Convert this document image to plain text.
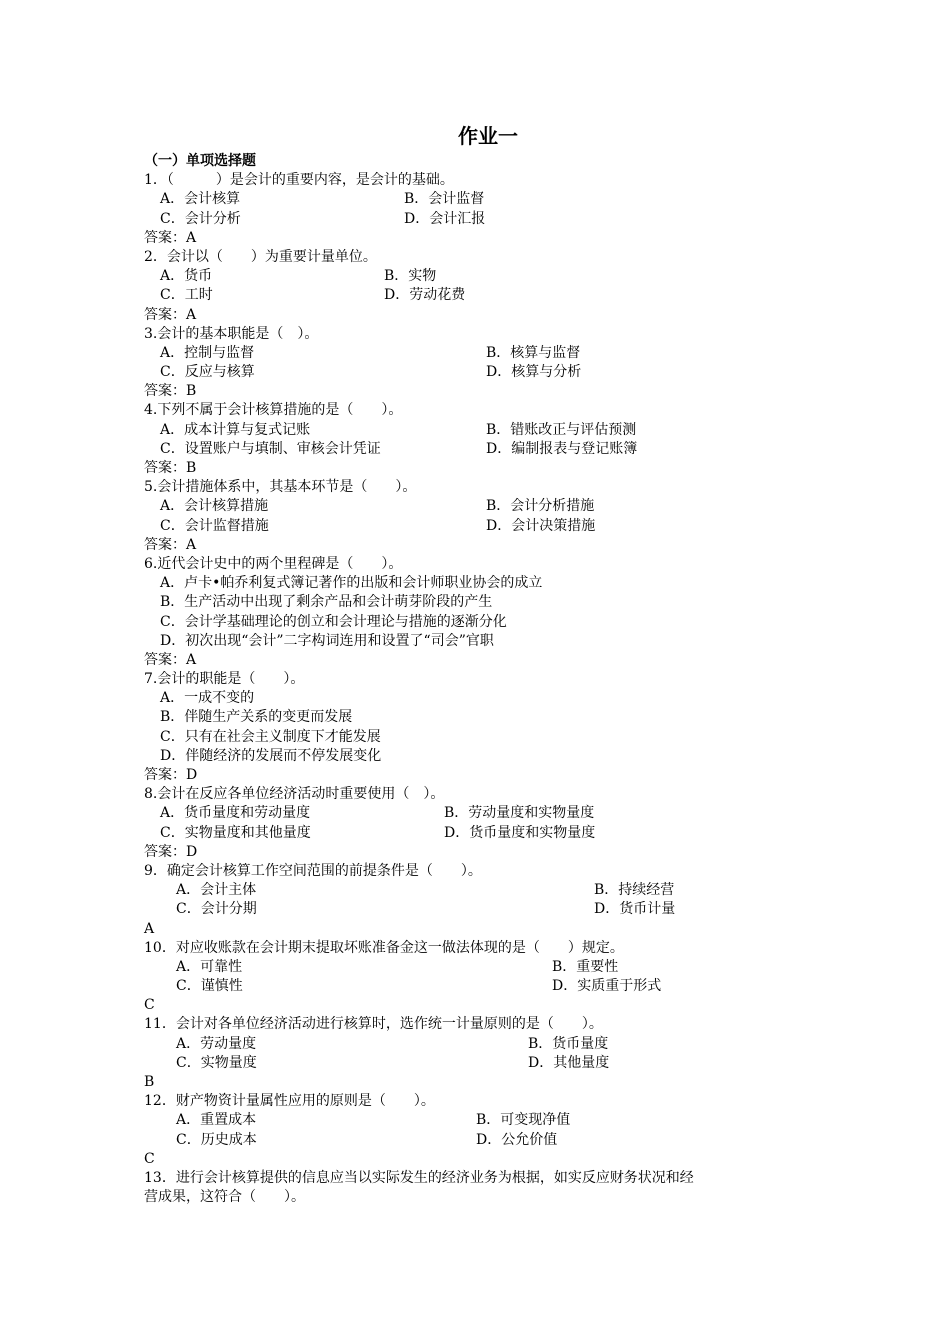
作业一
（一）单项选择题
1．（　　　）是会计的重要内容，是会计的基础。
A．会计核算	B．会计监督
C．会计分析	D．会计汇报
答案：A
2．会计以（　　）为重要计量单位。
A．货币	B．实物
C．工时	D．劳动花费
答案：A
3.会计的基本职能是（　）。
A．控制与监督	B．核算与监督
C．反应与核算	D．核算与分析
答案：B
4.下列不属于会计核算措施的是（　　）。
A．成本计算与复式记账	B．错账改正与评估预测
C．设置账户与填制、审核会计凭证	D．编制报表与登记账簿
答案：B
5.会计措施体系中，其基本环节是（　　）。
A．会计核算措施	B．会计分析措施
C．会计监督措施	D．会计决策措施
答案：A
6.近代会计史中的两个里程碑是（　　）。
A．卢卡•帕乔利复式簿记著作的出版和会计师职业协会的成立
B．生产活动中出现了剩余产品和会计萌芽阶段的产生
C．会计学基础理论的创立和会计理论与措施的逐渐分化
D．初次出现“会计”二字构词连用和设置了“司会”官职
答案：A
7.会计的职能是（　　）。
A．一成不变的
B．伴随生产关系的变更而发展
C．只有在社会主义制度下才能发展
D．伴随经济的发展而不停发展变化
答案：D
8.会计在反应各单位经济活动时重要使用（　）。
A．货币量度和劳动量度	B．劳动量度和实物量度
C．实物量度和其他量度	D．货币量度和实物量度
答案：D
9．确定会计核算工作空间范围的前提条件是（　　）。
A．会计主体	B．持续经营
C．会计分期	D．货币计量
A
10．对应收账款在会计期末提取坏账准备金这一做法体现的是（　　）规定。
A．可靠性	B．重要性
C．谨慎性	D．实质重于形式
C
11．会计对各单位经济活动进行核算时，选作统一计量原则的是（　　）。
A．劳动量度	B．货币量度
C．实物量度	D．其他量度
B
12．财产物资计量属性应用的原则是（　　）。
A．重置成本	B．可变现净值
C．历史成本	D．公允价值
C
13．进行会计核算提供的信息应当以实际发生的经济业务为根据，如实反应财务状况和经
营成果，这符合（　　）。
